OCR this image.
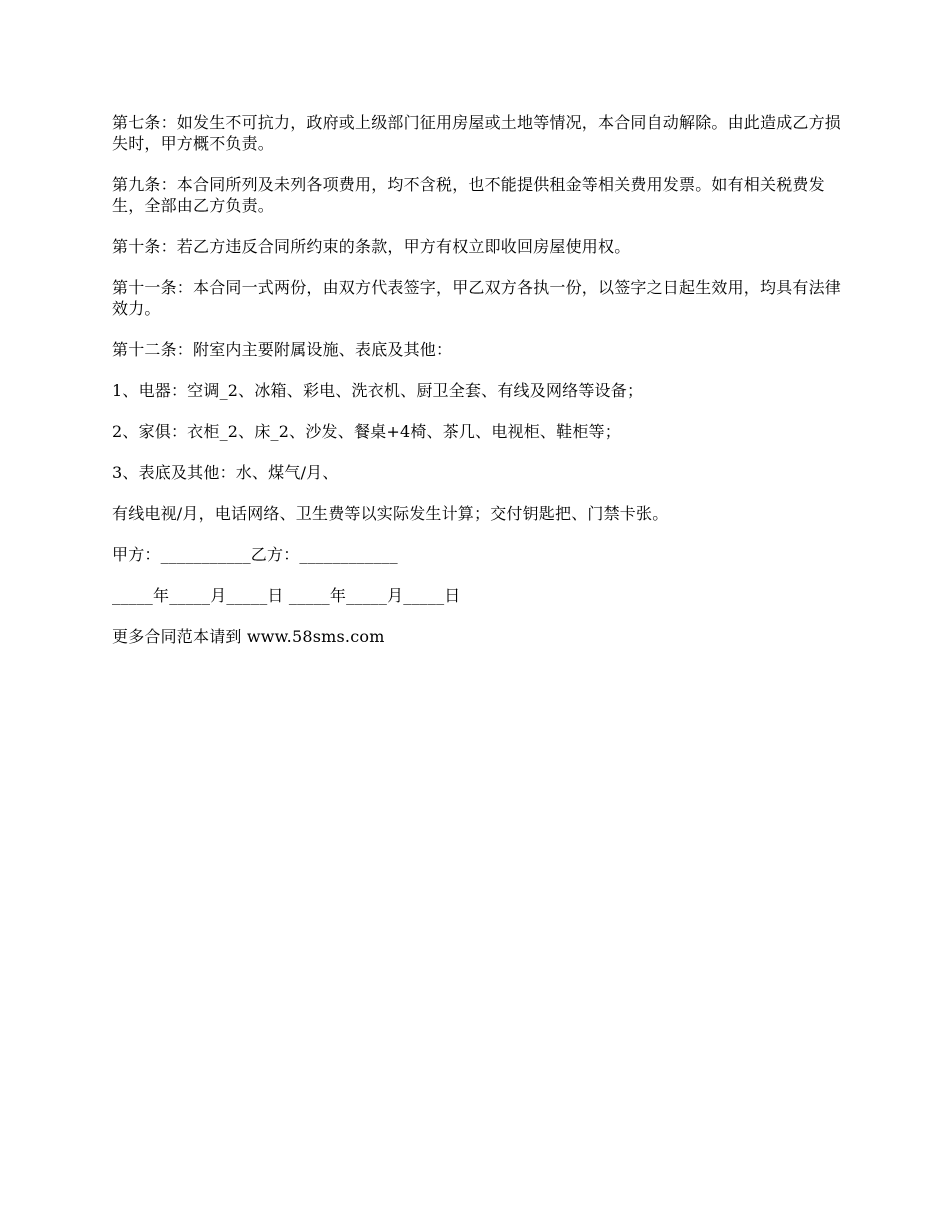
第七条：如发生不可抗力，政府或上级部门征用房屋或土地等情况，本合同自动解除。由此造成乙方损失时，甲方概不负责。

第九条：本合同所列及未列各项费用，均不含税，也不能提供租金等相关费用发票。如有相关税费发生，全部由乙方负责。

第十条：若乙方违反合同所约束的条款，甲方有权立即收回房屋使用权。

第十一条：本合同一式两份，由双方代表签字，甲乙双方各执一份，以签字之日起生效用，均具有法律效力。

第十二条：附室内主要附属设施、表底及其他：

1、电器：空调_2、冰箱、彩电、洗衣机、厨卫全套、有线及网络等设备；

2、家俱：衣柜_2、床_2、沙发、餐桌+4椅、茶几、电视柜、鞋柜等；

3、表底及其他：水、煤气/月、

有线电视/月，电话网络、卫生费等以实际发生计算；交付钥匙把、门禁卡张。

甲方：___________乙方：____________

_____年_____月_____日 _____年_____月_____日

更多合同范本请到 www.58sms.com
